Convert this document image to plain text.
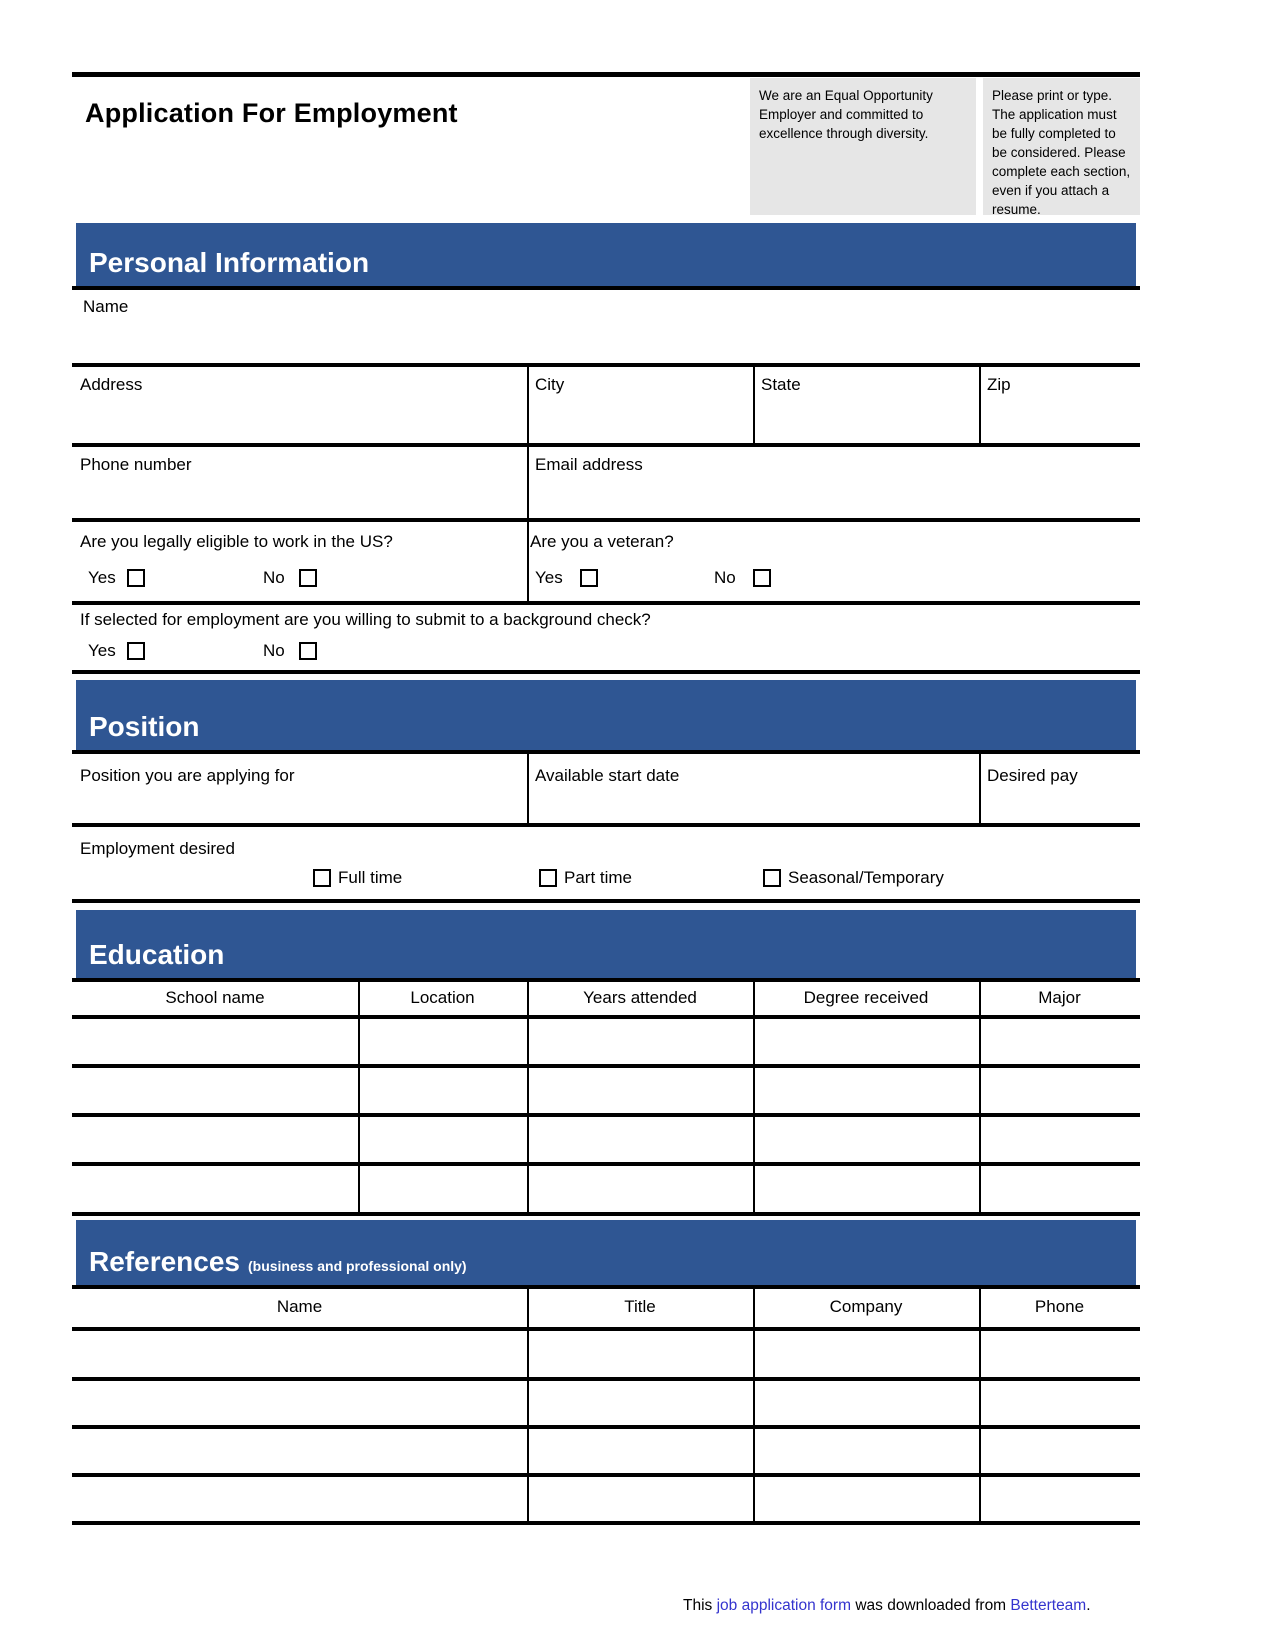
Application For Employment
We are an Equal Opportunity Employer and committed to excellence through diversity.
Please print or type. The application must be fully completed to be considered. Please complete each section, even if you attach a resume.
Personal Information
Name
Address	City	State	Zip
Phone number	Email address
Are you legally eligible to work in the US?	Are you a veteran?
Yes	No	Yes	No
If selected for employment are you willing to submit to a background check?
Yes	No
Position
Position you are applying for	Available start date	Desired pay
Employment desired
Full time	Part time	Seasonal/Temporary
Education
School name	Location	Years attended	Degree received	Major
References (business and professional only)
Name	Title	Company	Phone
This job application form was downloaded from Betterteam.
